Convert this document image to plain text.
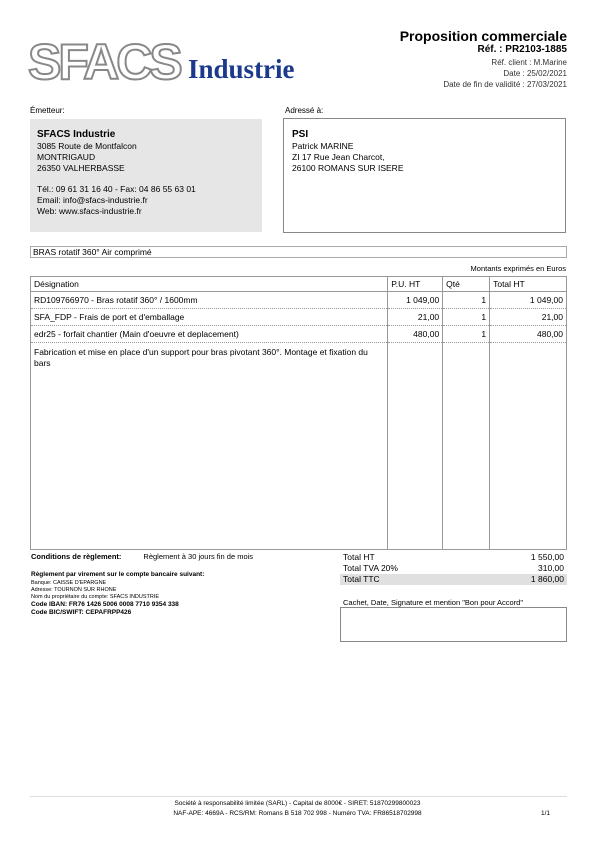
SFACS Industrie
Proposition commerciale
Réf. : PR2103-1885
Réf. client : M.Marine
Date : 25/02/2021
Date de fin de validité : 27/03/2021
Émetteur:
SFACS Industrie
3085 Route de Montfalcon
MONTRIGAUD
26350 VALHERBASSE
Tél.: 09 61 31 16 40 - Fax: 04 86 55 63 01
Email: info@sfacs-industrie.fr
Web: www.sfacs-industrie.fr
Adressé à:
PSI
Patrick MARINE
ZI 17 Rue Jean Charcot,
26100 ROMANS SUR ISERE
BRAS rotatif 360° Air comprimé
Montants exprimés en Euros
Désignation	P.U. HT	Qté	Total HT
RD109766970 - Bras rotatif 360° / 1600mm	1 049,00	1	1 049,00
SFA_FDP - Frais de port et d'emballage	21,00	1	21,00
edr25 - forfait chantier (Main d'oeuvre et deplacement)	480,00	1	480,00
Fabrication et mise en place d'un support pour bras pivotant 360°. Montage et fixation du bars			
Conditions de règlement:	Règlement à 30 jours fin de mois
Règlement par virement sur le compte bancaire suivant:
Banque: CAISSE D'EPARGNE
Adresse: TOURNON SUR RHONE
Nom du propriétaire du compte: SFACS INDUSTRIE
Code IBAN: FR76 1426 5006 0008 7710 9354 338
Code BIC/SWIFT: CEPAFRPP426
Total HT	1 550,00
Total TVA 20%	310,00
Total TTC	1 860,00
Cachet, Date, Signature et mention "Bon pour Accord"
Société à responsabilité limitée (SARL) - Capital de 8000€ - SIRET: 51870299800023
NAF-APE: 4669A - RCS/RM: Romans B 518 702 998 - Numéro TVA: FR86518702998	1/1
